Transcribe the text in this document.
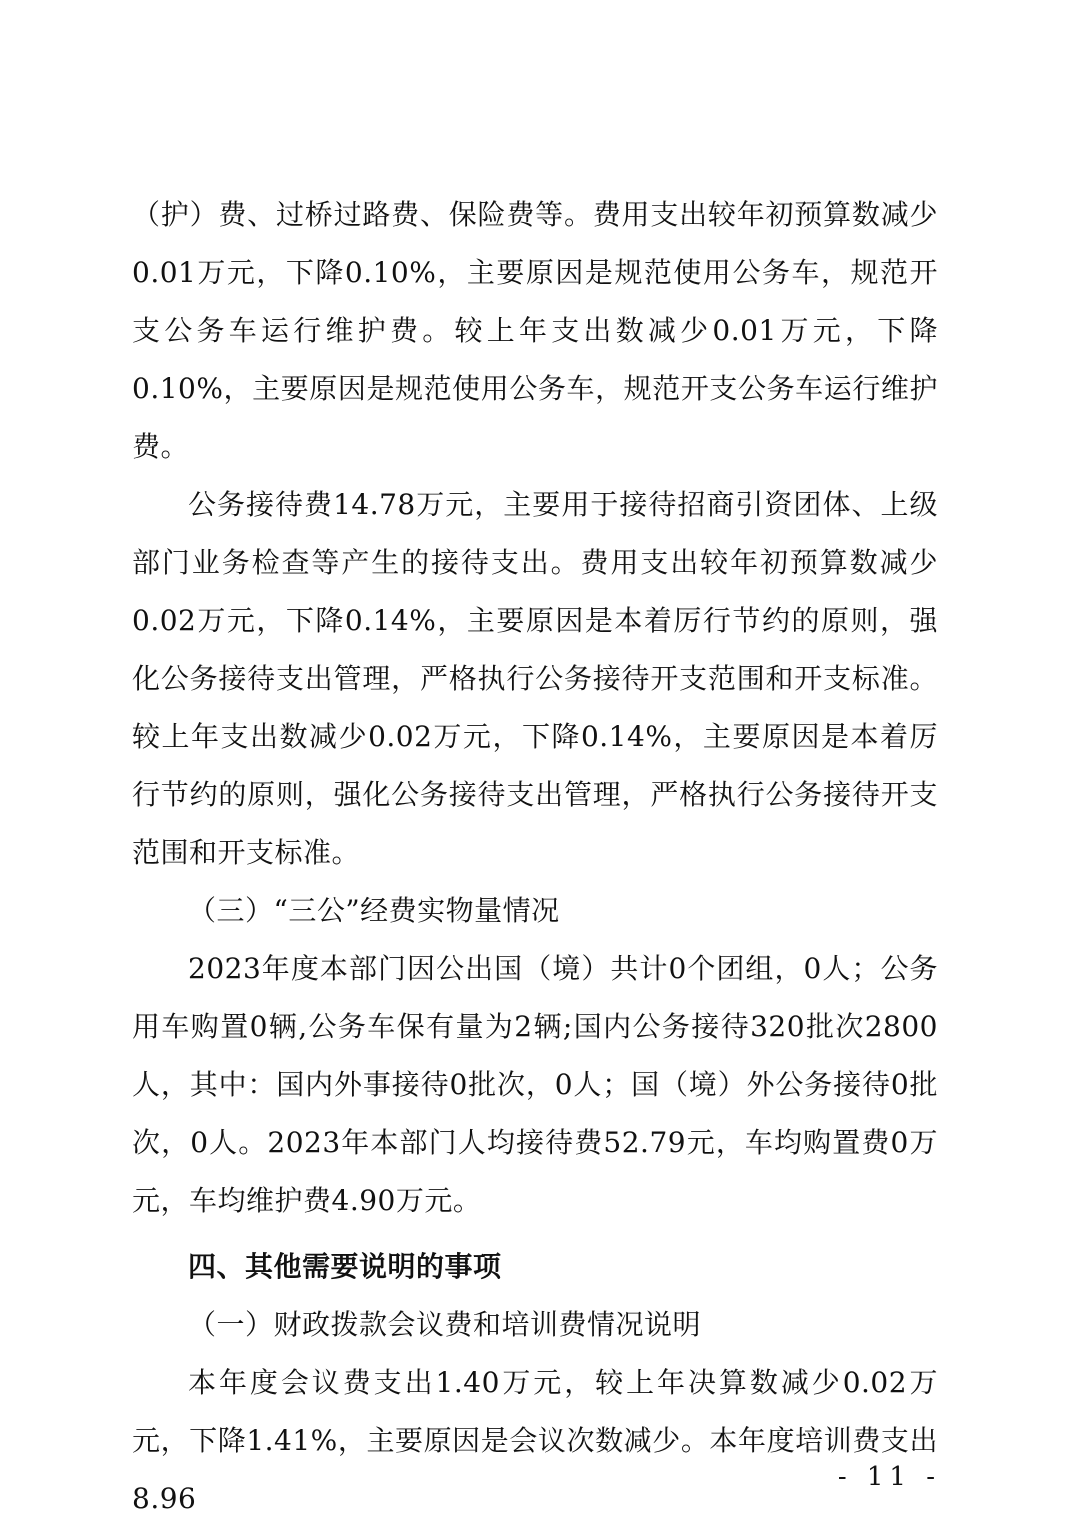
（护）费、过桥过路费、保险费等。费用支出较年初预算数减少0.01万元，下降0.10%，主要原因是规范使用公务车，规范开支公务车运行维护费。较上年支出数减少0.01万元，下降0.10%，主要原因是规范使用公务车，规范开支公务车运行维护费。

公务接待费14.78万元，主要用于接待招商引资团体、上级部门业务检查等产生的接待支出。费用支出较年初预算数减少0.02万元，下降0.14%，主要原因是本着厉行节约的原则，强化公务接待支出管理，严格执行公务接待开支范围和开支标准。较上年支出数减少0.02万元，下降0.14%，主要原因是本着厉行节约的原则，强化公务接待支出管理，严格执行公务接待开支范围和开支标准。

（三）“三公”经费实物量情况

2023年度本部门因公出国（境）共计0个团组，0人；公务用车购置0辆,公务车保有量为2辆;国内公务接待320批次2800人，其中：国内外事接待0批次，0人；国（境）外公务接待0批次，0人。2023年本部门人均接待费52.79元，车均购置费0万元，车均维护费4.90万元。

四、其他需要说明的事项

（一）财政拨款会议费和培训费情况说明

本年度会议费支出1.40万元，较上年决算数减少0.02万元，下降1.41%，主要原因是会议次数减少。本年度培训费支出8.96

- 11 -
